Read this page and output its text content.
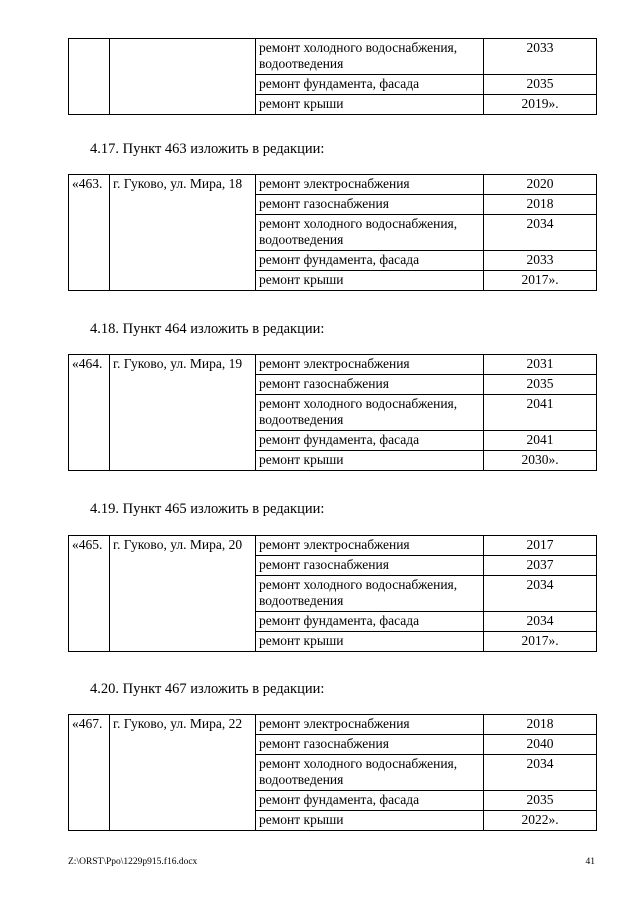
		ремонт холодного водоснабжения, водоотведения	2033
		ремонт фундамента, фасада	2035
		ремонт крыши	2019».
4.17. Пункт 463 изложить в редакции:
«463.	г. Гуково, ул. Мира, 18	ремонт электроснабжения	2020
		ремонт газоснабжения	2018
		ремонт холодного водоснабжения, водоотведения	2034
		ремонт фундамента, фасада	2033
		ремонт крыши	2017».
4.18. Пункт 464 изложить в редакции:
«464.	г. Гуково, ул. Мира, 19	ремонт электроснабжения	2031
		ремонт газоснабжения	2035
		ремонт холодного водоснабжения, водоотведения	2041
		ремонт фундамента, фасада	2041
		ремонт крыши	2030».
4.19. Пункт 465 изложить в редакции:
«465.	г. Гуково, ул. Мира, 20	ремонт электроснабжения	2017
		ремонт газоснабжения	2037
		ремонт холодного водоснабжения, водоотведения	2034
		ремонт фундамента, фасада	2034
		ремонт крыши	2017».
4.20. Пункт 467 изложить в редакции:
«467.	г. Гуково, ул. Мира, 22	ремонт электроснабжения	2018
		ремонт газоснабжения	2040
		ремонт холодного водоснабжения, водоотведения	2034
		ремонт фундамента, фасада	2035
		ремонт крыши	2022».
Z:\ORST\Ppo\1229p915.f16.docx	41
